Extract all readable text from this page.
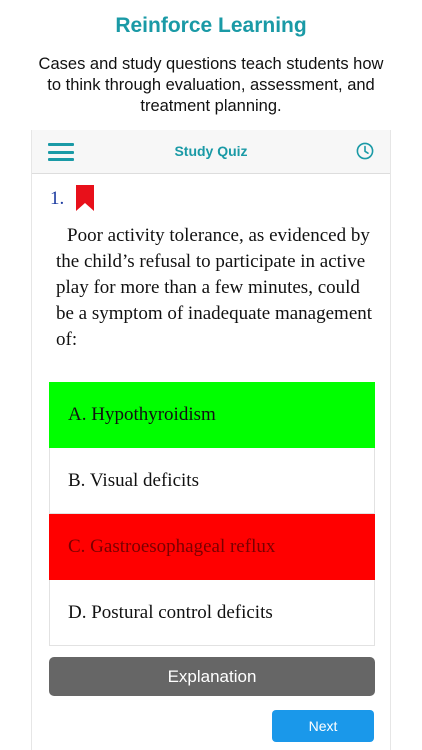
Reinforce Learning
Cases and study questions teach students how to think through evaluation, assessment, and treatment planning.
Study Quiz
1.
Poor activity tolerance, as evidenced by the child’s refusal to participate in active play for more than a few minutes, could be a symptom of inadequate management of:
A. Hypothyroidism
B. Visual deficits
C. Gastroesophageal reflux
D. Postural control deficits
Explanation
Next
